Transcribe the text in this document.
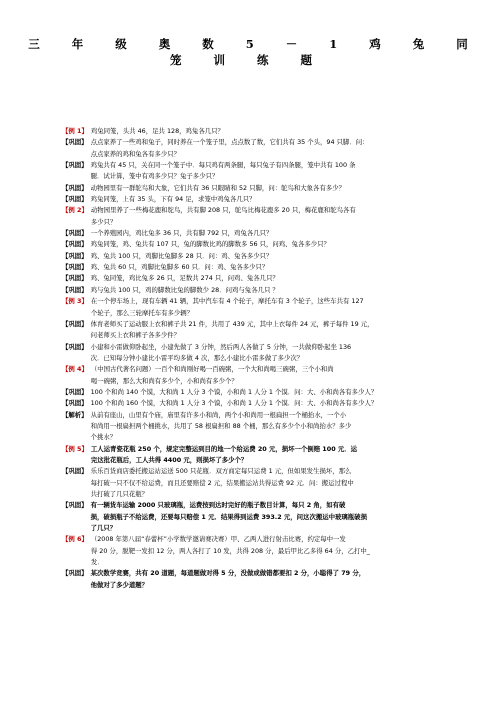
三 年 级 奥 数 5 － 1 鸡 兔 同 笼 训 练 题
【例 1】 鸡兔同笼，头共 46，足共 128，鸡兔各几只？
【巩固】 点点家养了一些鸡和兔子，同时养在一个笼子里，点点数了数，它们共有 35 个头，94 只脚．问：
点点家养的鸡和兔各有多少只？
【巩固】 鸡兔共有 45 只，关在同一个笼子中．每只鸡有两条腿，每只兔子有四条腿，笼中共有 100 条
腿．试计算，笼中有鸡多少只？兔子多少只？
【巩固】 动物园里有一群鸵鸟和大象，它们共有 36 只眼睛和 52 只脚，问：鸵鸟和大象各有多少？
【巩固】 鸡兔同笼，上有 35 头，下有 94 足，求笼中鸡兔各几只？
【例 2】 动物园里养了一些梅花鹿和鸵鸟，共有脚 208 只，鸵鸟比梅花鹿多 20 只，梅花鹿和鸵鸟各有
多少只？
【巩固】 一个养殖园内，鸡比兔多 36 只，共有脚 792 只，鸡兔各几只？
【巩固】 鸡兔同笼，鸡、兔共有 107 只，兔的脚数比鸡的脚数多 56 只，问鸡、兔各多少只？
【巩固】 鸡、兔共 100 只，鸡脚比兔脚多 28 只．问：鸡、兔各多少只？
【巩固】 鸡、兔共 60 只，鸡脚比兔脚多 60 只．问：鸡、兔各多少只？
【巩固】 鸡、兔同笼，鸡比兔多 26 只，足数共 274 只，问鸡、兔各几只？
【巩固】 鸡与兔共 100 只，鸡的脚数比兔的脚数少 28．问鸡与兔各几只 ？
【例 3】 在一个停车场上，现有车辆 41 辆，其中汽车有 4 个轮子，摩托车有 3 个轮子，这些车共有 127
个轮子，那么三轮摩托车有多少辆？
【巩固】 体育老师买了运动服上衣和裤子共 21 件，共用了 439 元，其中上衣每件 24 元，裤子每件 19 元，
问老师买上衣和裤子各多少件？
【巩固】 小建和小雷做仰卧起坐，小建先做了 3 分钟，然后两人各做了 5 分钟，一共做仰卧起坐 136
次．已知每分钟小建比小雷平均多做 4 次，那么小建比小雷多做了多少次？
【例 4】 （中国古代著名问题）一百个和尚刚好喝一百碗粥，一个大和尚喝三碗粥，三个小和尚
喝一碗粥，那么大和尚有多少个，小和尚有多少个？
【巩固】 100 个和尚 140 个馍，大和尚 1 人分 3 个馍，小和尚 1 人分 1 个馍．问：大、小和尚各有多少人？
【巩固】 100 个和尚 160 个馍，大和尚 1 人分 3 个馍，小和尚 1 人分 1 个馍．问：大、小和尚各有多少人？
【解析】 从前有座山，山里有个庙，庙里有许多小和尚，两个小和尚用一根扁担一个桶抬水，一个小
和尚用一根扁担两个桶挑水，共用了 58 根扁担和 88 个桶，那么有多少个小和尚抬水？多少
个挑水？
【例 5】 工人运青瓷花瓶 250 个，规定完整运到目的地一个给运费 20 元，损坏一个倒赔 100 元．运
完这批花瓶后，工人共得 4400 元，则损坏了多少个？
【巩固】 乐乐百货商店委托搬运站运送 500 只花瓶．双方商定每只运费 1 元，但如果发生损坏，那么
每打破一只不仅不给运费，而且还要赔偿 2 元，结果搬运站共得运费 92 元．问：搬运过程中
共打破了几只花瓶？
【巩固】 有一辆货车运输 2000 只玻璃瓶，运费按到达时完好的瓶子数目计算，每只 2 角，如有破
损，破损瓶子不给运费，还要每只赔偿 1 元．结果得到运费 393.2 元，问这次搬运中玻璃瓶破损
了几只？
【例 6】 （2008 年第八届“春蕾杯”小学数学邀请赛决赛）甲、乙两人进行射击比赛，约定每中一发
得 20 分，脱靶一发扣 12 分，两人各打了 10 发，共得 208 分，最后甲比乙多得 64 分，乙打中_
发．
【巩固】 某次数学竞赛，共有 20 道题，每道题做对得 5 分，没做或做错都要扣 2 分，小聪得了 79 分，
他做对了多少道题？
